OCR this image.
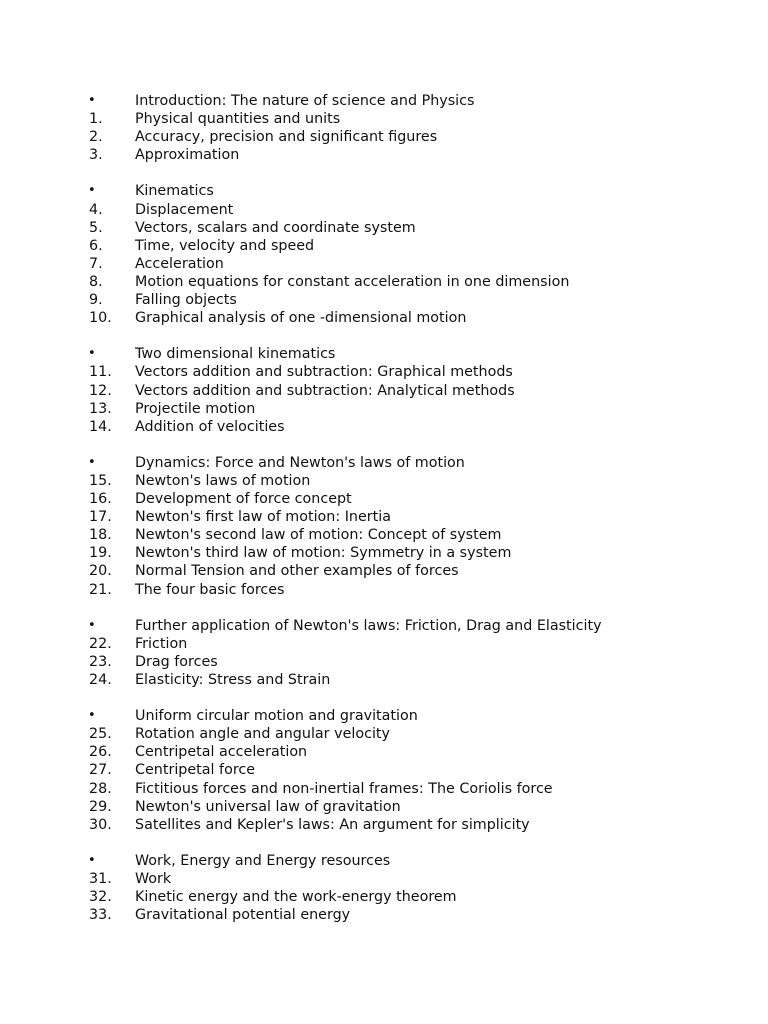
•	Introduction: The nature of science and Physics
1. Physical quantities and units
2. Accuracy, precision and significant figures
3. Approximation
•	Kinematics
4. Displacement
5. Vectors, scalars and coordinate system
6. Time, velocity and speed
7. Acceleration
8. Motion equations for constant acceleration in one dimension
9. Falling objects
10. Graphical analysis of one -dimensional motion
•	Two dimensional kinematics
11. Vectors addition and subtraction: Graphical methods
12. Vectors addition and subtraction: Analytical methods
13. Projectile motion
14. Addition of velocities
•	Dynamics: Force and Newton's laws of motion
15. Newton's laws of motion
16. Development of force concept
17. Newton's first law of motion: Inertia
18. Newton's second law of motion: Concept of system
19. Newton's third law of motion: Symmetry in a system
20. Normal Tension and other examples of forces
21. The four basic forces
•	Further application of Newton's laws: Friction, Drag and Elasticity
22. Friction
23. Drag forces
24. Elasticity: Stress and Strain
•	Uniform circular motion and gravitation
25. Rotation angle and angular velocity
26. Centripetal acceleration
27. Centripetal force
28. Fictitious forces and non-inertial frames: The Coriolis force
29. Newton's universal law of gravitation
30. Satellites and Kepler's laws: An argument for simplicity
•	Work, Energy and Energy resources
31. Work
32. Kinetic energy and the work-energy theorem
33. Gravitational potential energy
